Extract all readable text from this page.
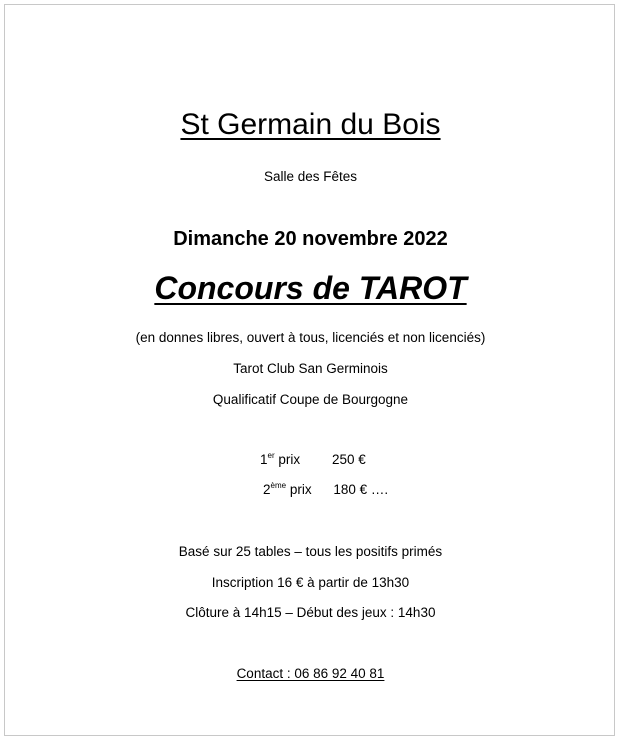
St Germain du Bois
Salle des Fêtes
Dimanche 20 novembre 2022
Concours de TAROT
(en donnes libres, ouvert à tous, licenciés et non licenciés)
Tarot Club San Germinois
Qualificatif Coupe de Bourgogne
1er prix 250 €
2ème prix 180 € ….
Basé sur 25 tables – tous les positifs primés
Inscription 16 € à partir de 13h30
Clôture à 14h15 – Début des jeux : 14h30
Contact : 06 86 92 40 81
